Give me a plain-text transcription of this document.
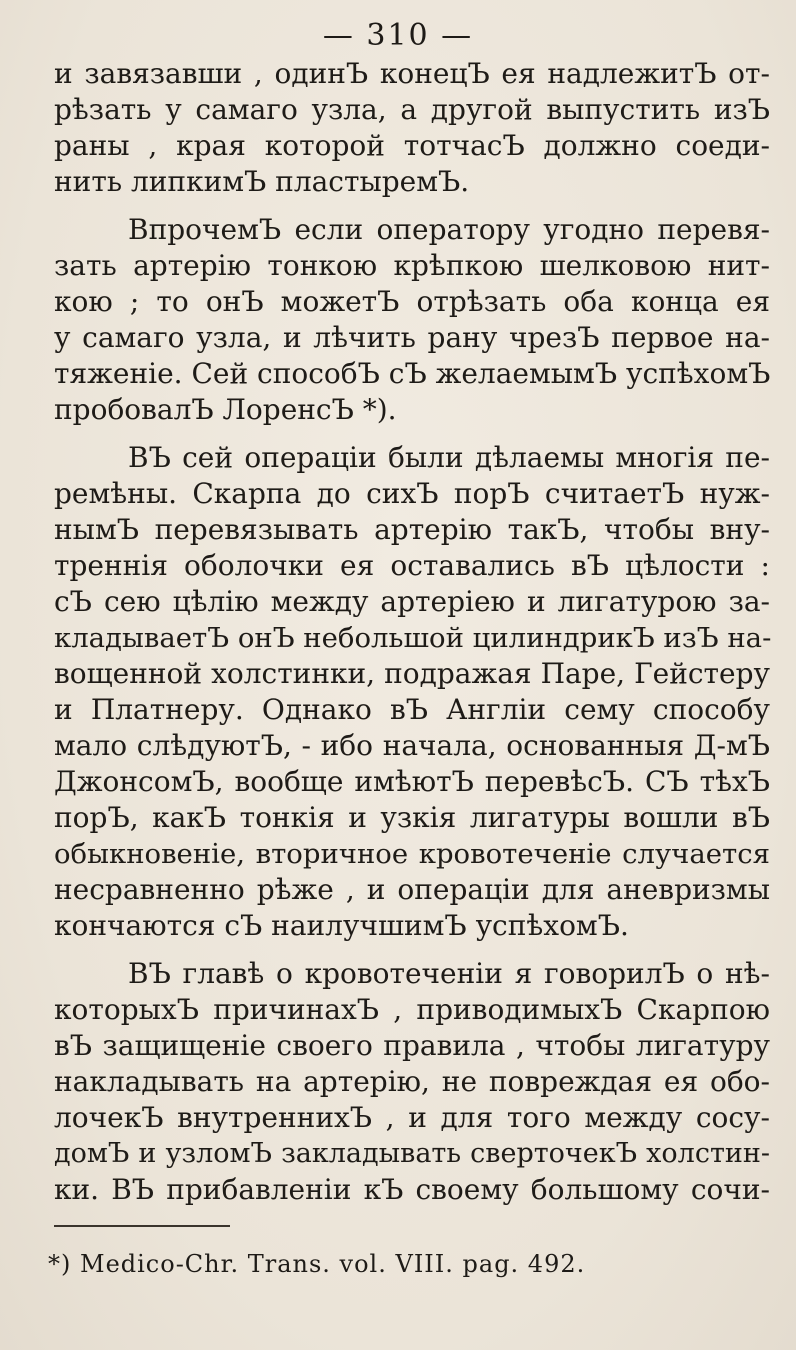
— 310 —
и завязавши , одинЪ конецЪ ея надлежитЪ от-
рѣзать у самаго узла, а другой выпустить изЪ
раны , края которой тотчасЪ должно соеди-
нить липкимЪ пластыремЪ.
ВпрочемЪ если оператору угодно перевя-
зать артерію тонкою крѣпкою шелковою нит-
кою ; то онЪ можетЪ отрѣзать оба конца ея
у самаго узла, и лѣчить рану чрезЪ первое на-
тяженіе. Сей способЪ сЪ желаемымЪ успѣхомЪ
пробовалЪ ЛоренсЪ *).
ВЪ сей операціи были дѣлаемы многія пе-
ремѣны. Скарпа до сихЪ порЪ считаетЪ нуж-
нымЪ перевязывать артерію такЪ, чтобы вну-
треннія оболочки ея оставались вЪ цѣлости :
сЪ сею цѣлію между артеріею и лигатурою за-
кладываетЪ онЪ небольшой цилиндрикЪ изЪ на-
вощенной холстинки, подражая Паре, Гейстеру
и Платнеру. Однако вЪ Англіи сему способу
мало слѣдуютЪ, - ибо начала, основанныя Д-мЪ
ДжонсомЪ, вообще имѣютЪ перевѣсЪ. СЪ тѣхЪ
порЪ, какЪ тонкія и узкія лигатуры вошли вЪ
обыкновеніе, вторичное кровотеченіе случается
несравненно рѣже , и операціи для аневризмы
кончаются сЪ наилучшимЪ успѣхомЪ.
ВЪ главѣ о кровотеченіи я говорилЪ о нѣ-
которыхЪ причинахЪ , приводимыхЪ Скарпою
вЪ защищеніе своего правила , чтобы лигатуру
накладывать на артерію, не повреждая ея обо-
лочекЪ внутреннихЪ , и для того между сосу-
домЪ и узломЪ закладывать сверточекЪ холстин-
ки. ВЪ прибавленіи кЪ своему большому сочи-
*) Medico-Chr. Trans. vol. VIII. pag. 492.
